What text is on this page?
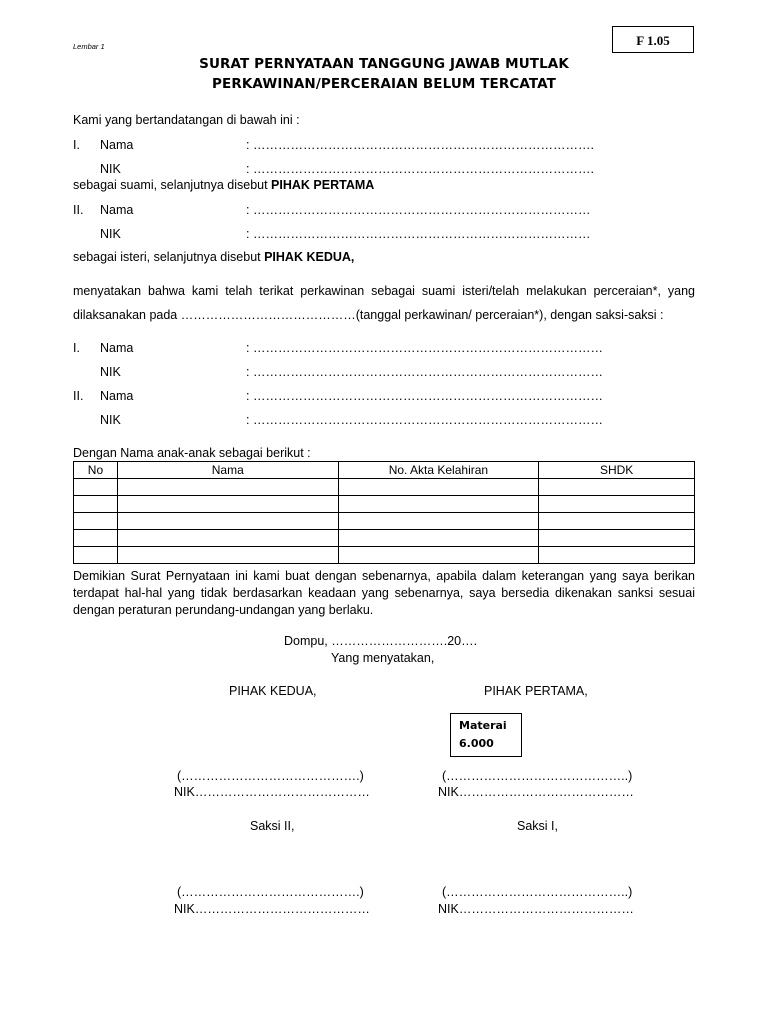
F 1.05
Lembar 1
SURAT PERNYATAAN TANGGUNG JAWAB MUTLAK
PERKAWINAN/PERCERAIAN BELUM TERCATAT
Kami yang bertandatangan di bawah ini :
I. Nama	: ……………………………………………………………………….
NIK	: ……………………………………………………………………….
sebagai suami, selanjutnya disebut PIHAK PERTAMA
II. Nama	: ………………………………………………………………………
NIK	: ………………………………………………………………………
sebagai isteri, selanjutnya disebut PIHAK KEDUA,
menyatakan bahwa kami telah terikat perkawinan sebagai suami isteri/telah melakukan perceraian*, yang
dilaksanakan pada ……………………………………(tanggal perkawinan/ perceraian*), dengan saksi-saksi :
I. Nama	: …………………………………………………………………………
NIK	: …………………………………………………………………………
II. Nama	: …………………………………………………………………………
NIK	: …………………………………………………………………………
Dengan Nama anak-anak sebagai berikut :
No	Nama	No. Akta Kelahiran	SHDK

Demikian Surat Pernyataan ini kami buat dengan sebenarnya, apabila dalam keterangan yang saya berikan
terdapat hal-hal yang tidak berdasarkan keadaan yang sebenarnya, saya bersedia dikenakan sanksi sesuai
dengan peraturan perundang-undangan yang berlaku.
Dompu, ……………………….20….
Yang menyatakan,
PIHAK KEDUA,	PIHAK PERTAMA,
Materai
6.000
(…………………………………….)
NIK……………………………………
(……………………………………..)
NIK……………………………………
Saksi II,	Saksi I,
(…………………………………….)
NIK……………………………………
(……………………………………..)
NIK……………………………………
